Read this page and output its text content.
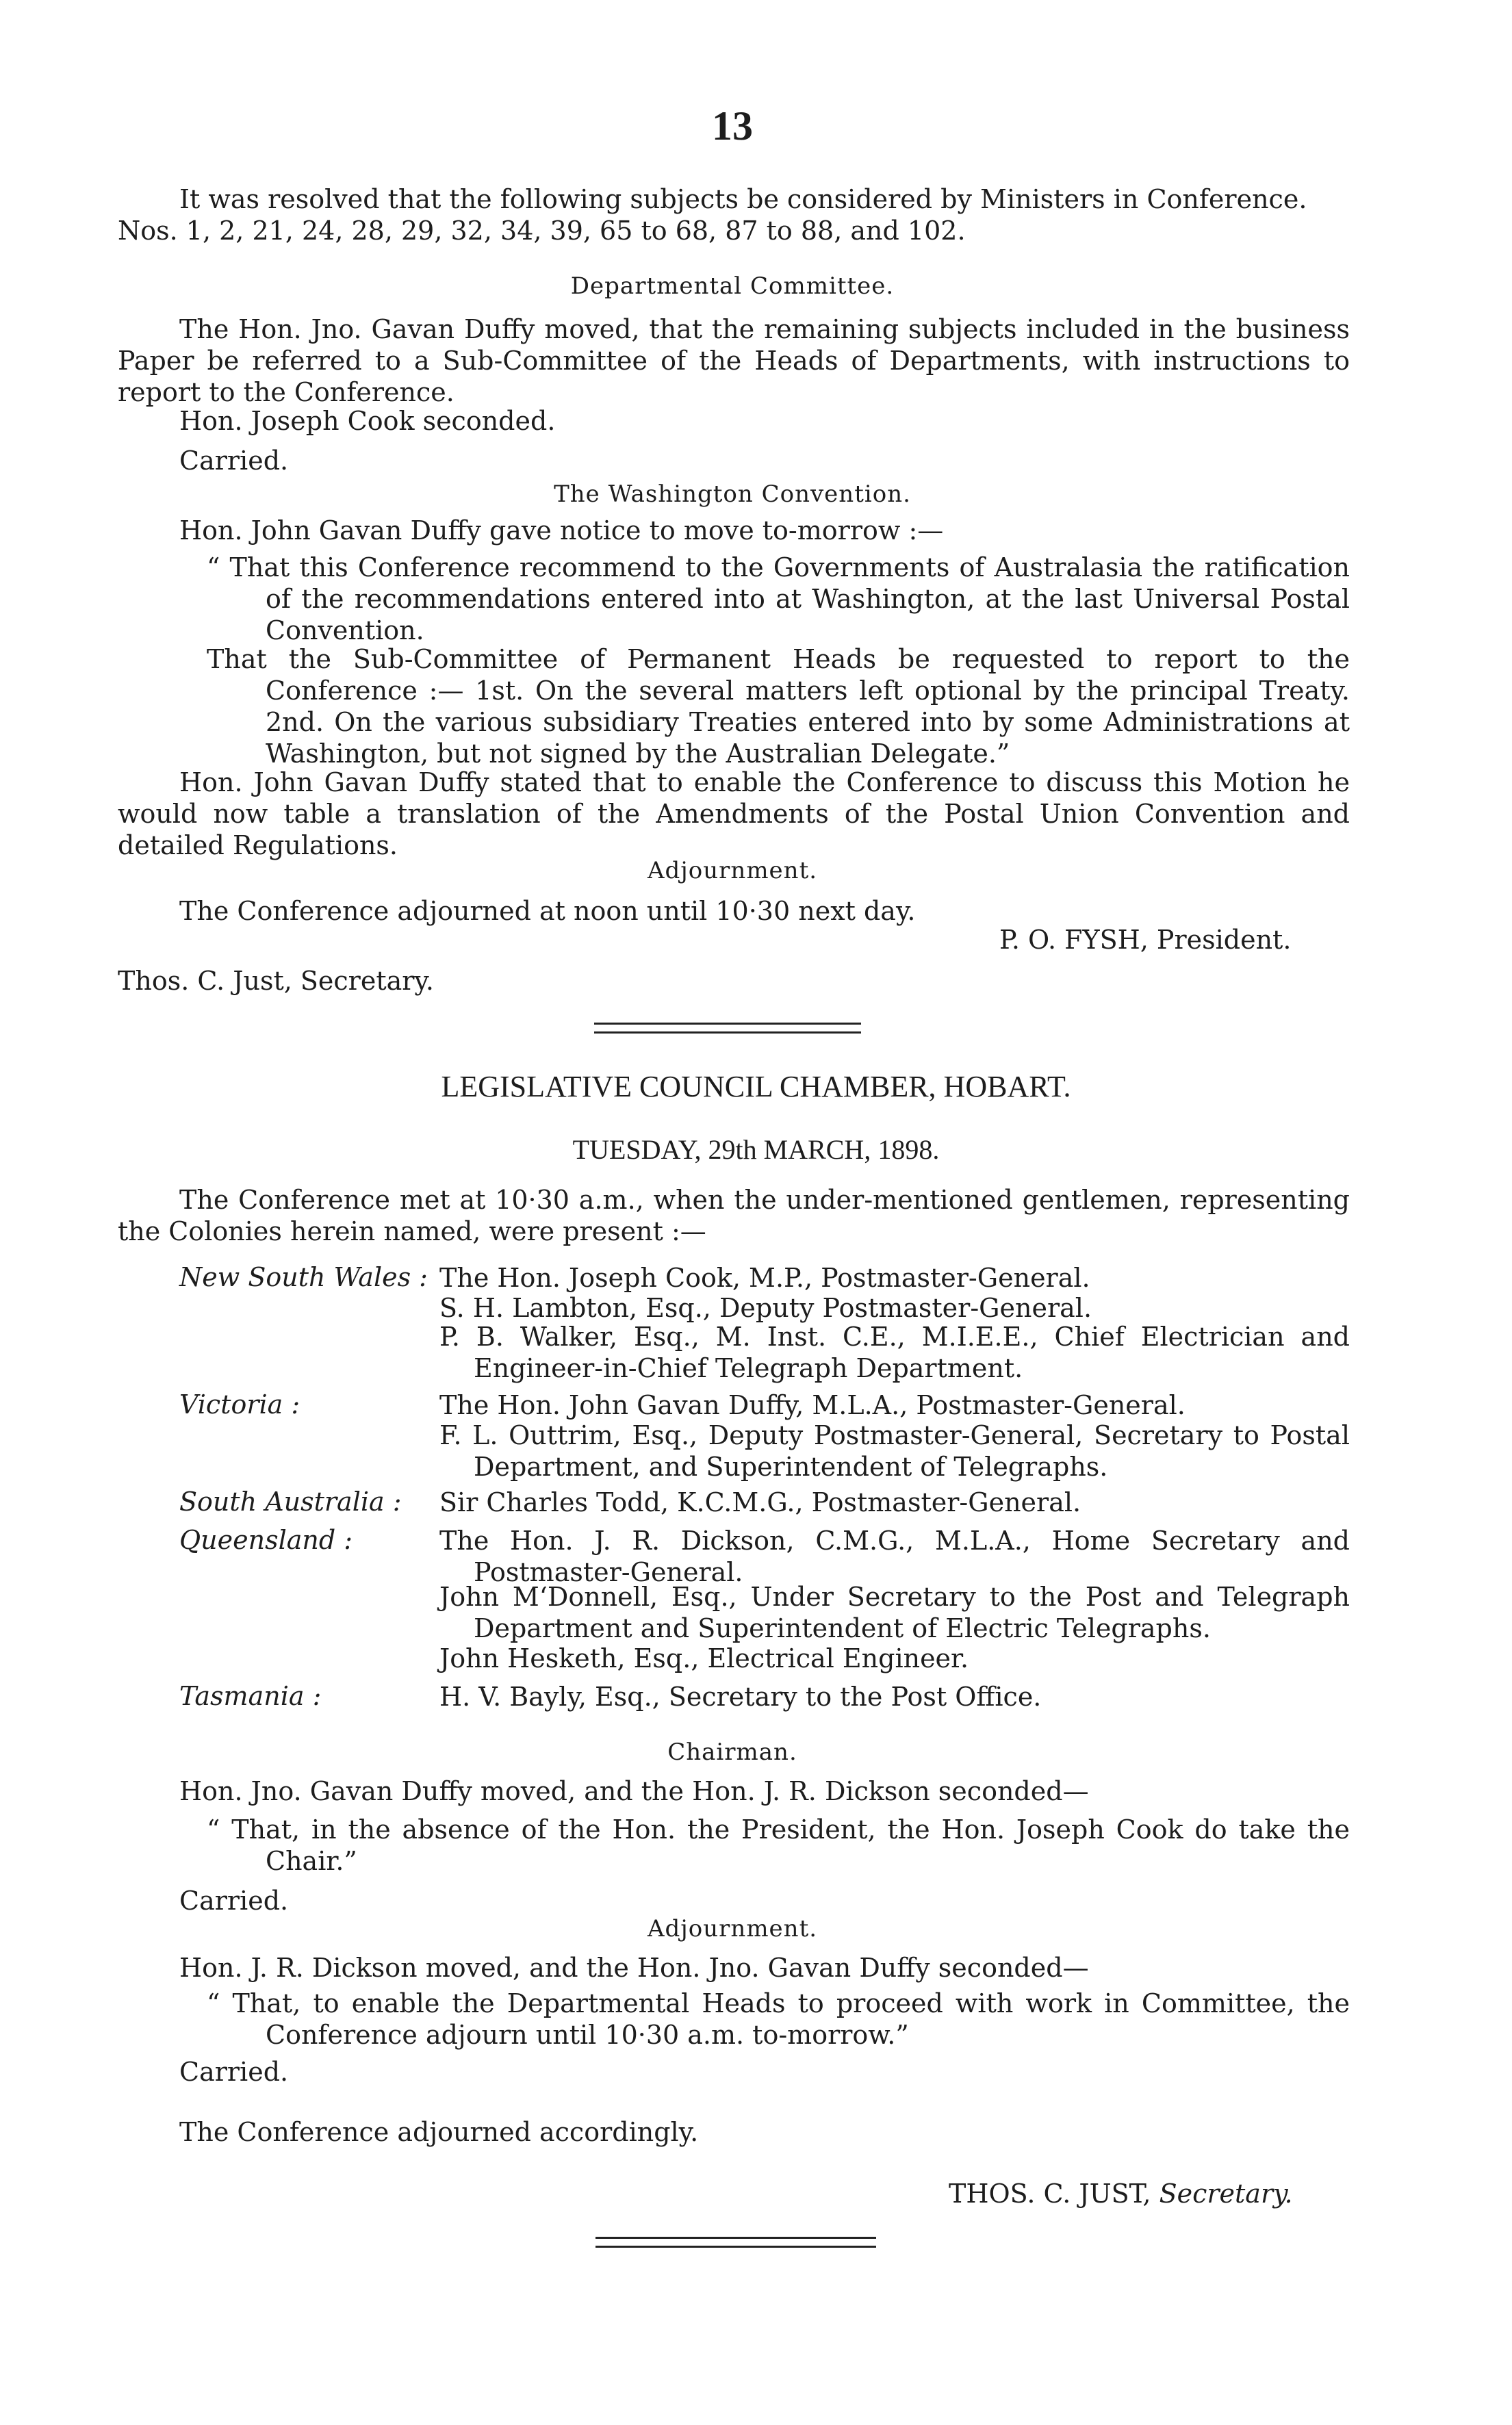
13
It was resolved that the following subjects be considered by Ministers in Conference.
Nos. 1, 2, 21, 24, 28, 29, 32, 34, 39, 65 to 68, 87 to 88, and 102.
Departmental Committee.
The Hon. Jno. Gavan Duffy moved, that the remaining subjects included in the business Paper be referred to a Sub-Committee of the Heads of Departments, with instructions to report to the Conference.
Hon. Joseph Cook seconded.
Carried.
The Washington Convention.
Hon. John Gavan Duffy gave notice to move to-morrow :—
“ That this Conference recommend to the Governments of Australasia the ratification of the recommendations entered into at Washington, at the last Universal Postal Convention.
That the Sub-Committee of Permanent Heads be requested to report to the Conference :— 1st. On the several matters left optional by the principal Treaty. 2nd. On the various subsidiary Treaties entered into by some Administrations at Washington, but not signed by the Australian Delegate.”
Hon. John Gavan Duffy stated that to enable the Conference to discuss this Motion he would now table a translation of the Amendments of the Postal Union Convention and detailed Regulations.
Adjournment.
The Conference adjourned at noon until 10·30 next day.
P. O. FYSH, President.
Thos. C. Just, Secretary.
LEGISLATIVE COUNCIL CHAMBER, HOBART.
TUESDAY, 29th MARCH, 1898.
The Conference met at 10·30 a.m., when the under-mentioned gentlemen, representing the Colonies herein named, were present :—
New South Wales : The Hon. Joseph Cook, M.P., Postmaster-General.
S. H. Lambton, Esq., Deputy Postmaster-General.
P. B. Walker, Esq., M. Inst. C.E., M.I.E.E., Chief Electrician and Engineer-in-Chief Telegraph Department.
Victoria :	The Hon. John Gavan Duffy, M.L.A., Postmaster-General.
F. L. Outtrim, Esq., Deputy Postmaster-General, Secretary to Postal Department, and Superintendent of Telegraphs.
South Australia : Sir Charles Todd, K.C.M.G., Postmaster-General.
Queensland :	The Hon. J. R. Dickson, C.M.G., M.L.A., Home Secretary and Postmaster-General.
John M‘Donnell, Esq., Under Secretary to the Post and Telegraph Department and Superintendent of Electric Telegraphs.
John Hesketh, Esq., Electrical Engineer.
Tasmania :	H. V. Bayly, Esq., Secretary to the Post Office.
Chairman.
Hon. Jno. Gavan Duffy moved, and the Hon. J. R. Dickson seconded—
“ That, in the absence of the Hon. the President, the Hon. Joseph Cook do take the Chair.”
Carried.
Adjournment.
Hon. J. R. Dickson moved, and the Hon. Jno. Gavan Duffy seconded—
“ That, to enable the Departmental Heads to proceed with work in Committee, the Conference adjourn until 10·30 a.m. to-morrow.”
Carried.
The Conference adjourned accordingly.
THOS. C. JUST, Secretary.
